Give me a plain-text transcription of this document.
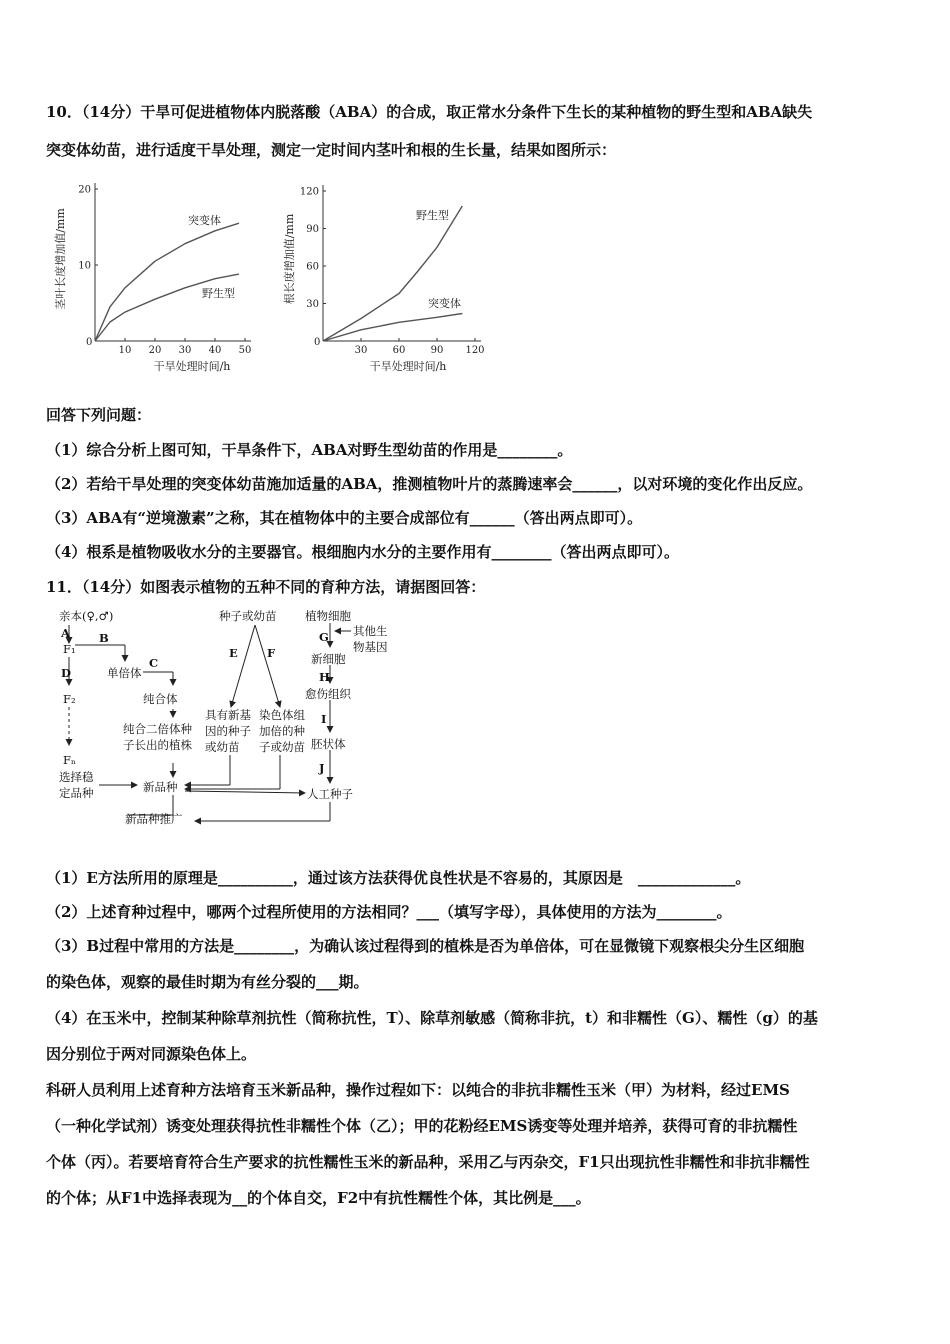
10．（14分）干旱可促进植物体内脱落酸（ABA）的合成，取正常水分条件下生长的某种植物的野生型和ABA缺失
突变体幼苗，进行适度干旱处理，测定一定时间内茎叶和根的生长量，结果如图所示：
0
10 20 30 40 50
10
20
茎叶长度增加值/mm
干旱处理时间/h
突变体
野生型
0
30	60	90 120
30
60
90
120
根长度增加值/mm
干旱处理时间/h
野生型
突变体
回答下列问题：
（1）综合分析上图可知，干旱条件下，ABA对野生型幼苗的作用是________。
（2）若给干旱处理的突变体幼苗施加适量的ABA，推测植物叶片的蒸腾速率会______，以对环境的变化作出反应。
（3）ABA有“逆境激素”之称，其在植物体中的主要合成部位有______（答出两点即可）。
（4）根系是植物吸收水分的主要器官。根细胞内水分的主要作用有________（答出两点即可）。
11．（14分）如图表示植物的五种不同的育种方法，请据图回答：
亲本(♀,♂)
A
F₁
B
单倍体
C
D
F₂	纯合体
纯合二倍体种
子长出的植株
Fₙ
选择稳
定品种	新品种
新品种推广
种子或幼苗
E	F
具有新基
因的种子
或幼苗
染色体组
加倍的种
子或幼苗
植物细胞
G 其他生
物基因
新细胞
H
愈伤组织
I
胚状体
J
人工种子
（1）E方法所用的原理是__________，通过该方法获得优良性状是不容易的，其原因是　_____________。
（2）上述育种过程中，哪两个过程所使用的方法相同？___（填写字母），具体使用的方法为________。
（3）B过程中常用的方法是________，为确认该过程得到的植株是否为单倍体，可在显微镜下观察根尖分生区细胞
的染色体，观察的最佳时期为有丝分裂的___期。
（4）在玉米中，控制某种除草剂抗性（简称抗性，T）、除草剂敏感（简称非抗，t）和非糯性（G）、糯性（g）的基
因分别位于两对同源染色体上。
科研人员利用上述育种方法培育玉米新品种，操作过程如下：以纯合的非抗非糯性玉米（甲）为材料，经过EMS
（一种化学试剂）诱变处理获得抗性非糯性个体（乙）；甲的花粉经EMS诱变等处理并培养，获得可育的非抗糯性
个体（丙）。若要培育符合生产要求的抗性糯性玉米的新品种，采用乙与丙杂交，F1只出现抗性非糯性和非抗非糯性
的个体；从F1中选择表现为__的个体自交，F2中有抗性糯性个体，其比例是___。
